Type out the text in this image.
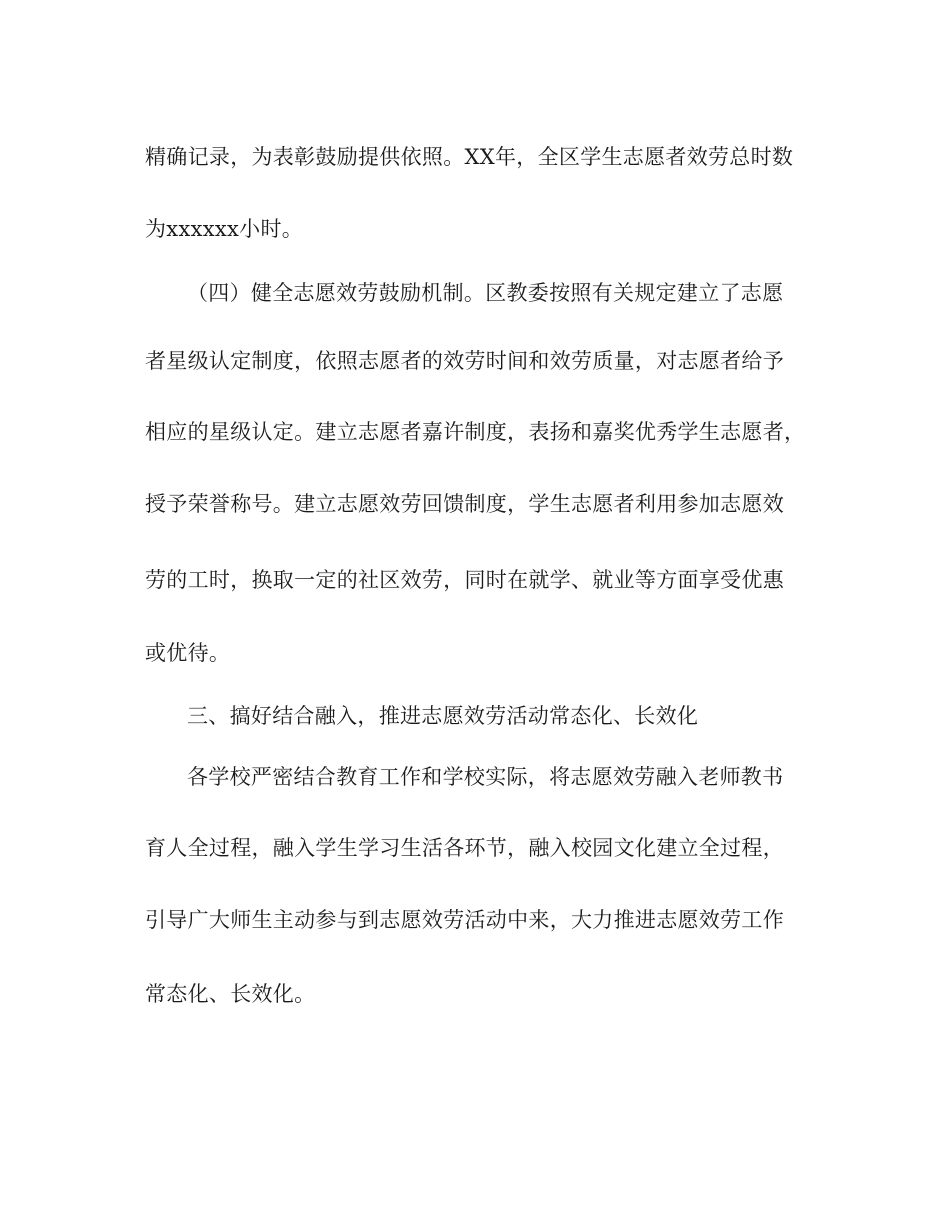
精确记录，为表彰鼓励提供依照。XX年，全区学生志愿者效劳总时数
为xxxxxx小时。
（四）健全志愿效劳鼓励机制。区教委按照有关规定建立了志愿
者星级认定制度，依照志愿者的效劳时间和效劳质量，对志愿者给予
相应的星级认定。建立志愿者嘉许制度，表扬和嘉奖优秀学生志愿者，
授予荣誉称号。建立志愿效劳回馈制度，学生志愿者利用参加志愿效
劳的工时，换取一定的社区效劳，同时在就学、就业等方面享受优惠
或优待。
三、搞好结合融入，推进志愿效劳活动常态化、长效化
各学校严密结合教育工作和学校实际，将志愿效劳融入老师教书
育人全过程，融入学生学习生活各环节，融入校园文化建立全过程，
引导广大师生主动参与到志愿效劳活动中来，大力推进志愿效劳工作
常态化、长效化。
